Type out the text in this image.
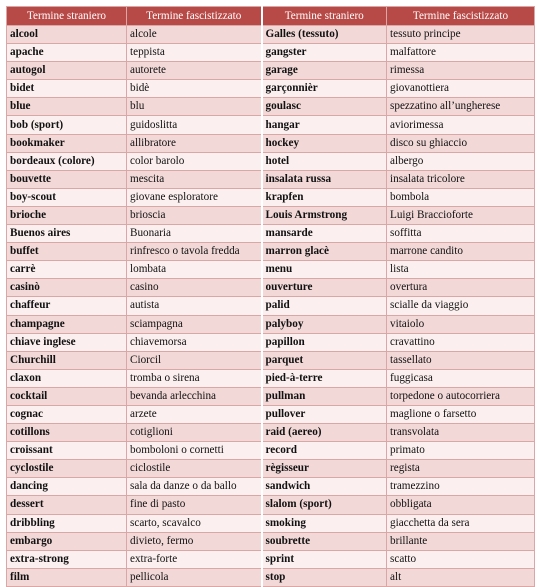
Termine straniero	Termine fascistizzato	Termine straniero	Termine fascistizzato
alcool	alcole	Galles (tessuto)	tessuto principe
apache	teppista	gangster	malfattore
autogol	autorete	garage	rimessa
bidet	bidè	garçonnièr	giovanottiera
blue	blu	goulasc	spezzatino all’ungherese
bob (sport)	guidoslitta	hangar	aviorimessa
bookmaker	allibratore	hockey	disco su ghiaccio
bordeaux (colore)	color barolo	hotel	albergo
bouvette	mescita	insalata russa	insalata tricolore
boy-scout	giovane esploratore	krapfen	bombola
brioche	brioscia	Louis Armstrong	Luigi Braccioforte
Buenos aires	Buonaria	mansarde	soffitta
buffet	rinfresco o tavola fredda	marron glacè	marrone candito
carrè	lombata	menu	lista
casinò	casino	ouverture	overtura
chaffeur	autista	palid	scialle da viaggio
champagne	sciampagna	palyboy	vitaiolo
chiave inglese	chiavemorsa	papillon	cravattino
Churchill	Ciorcil	parquet	tassellato
claxon	tromba o sirena	pied-à-terre	fuggicasa
cocktail	bevanda arlecchina	pullman	torpedone o autocorriera
cognac	arzete	pullover	maglione o farsetto
cotillons	cotiglioni	raid (aereo)	transvolata
croissant	bomboloni o cornetti	record	primato
cyclostile	ciclostile	règisseur	regista
dancing	sala da danze o da ballo	sandwich	tramezzino
dessert	fine di pasto	slalom (sport)	obbligata
dribbling	scarto, scavalco	smoking	giacchetta da sera
embargo	divieto, fermo	soubrette	brillante
extra-strong	extra-forte	sprint	scatto
film	pellicola	stop	alt
